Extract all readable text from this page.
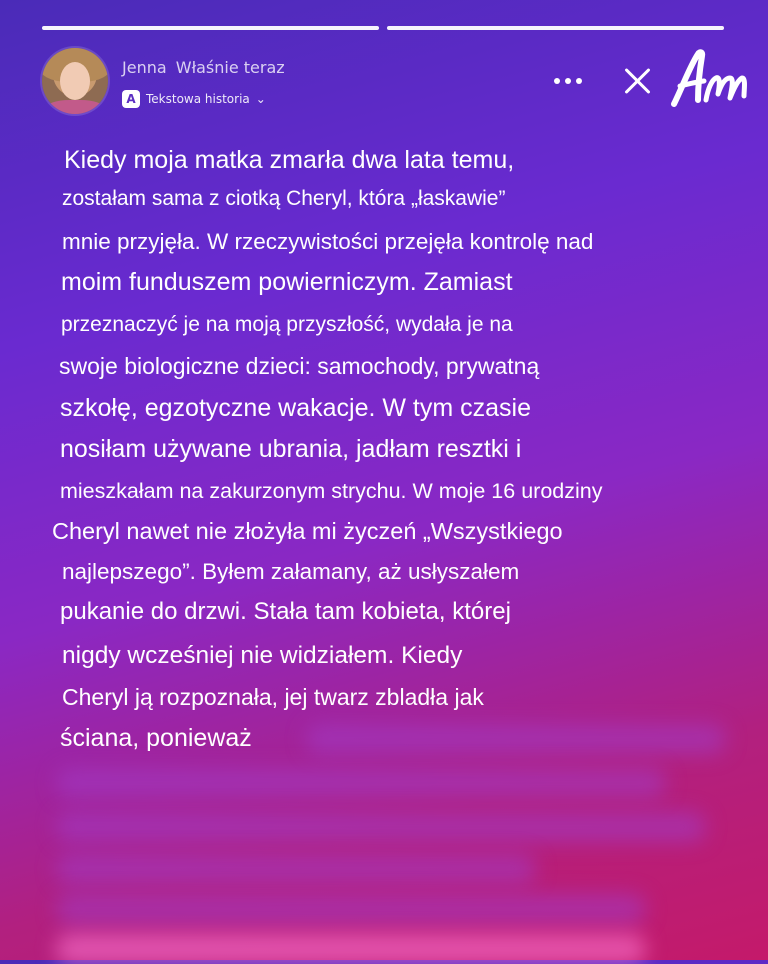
Jenna Właśnie teraz
A Tekstowa historia ⌄
Kiedy moja matka zmarła dwa lata temu,
zostałam sama z ciotką Cheryl, która „łaskawie”
mnie przyjęła. W rzeczywistości przejęła kontrolę nad
moim funduszem powierniczym. Zamiast
przeznaczyć je na moją przyszłość, wydała je na
swoje biologiczne dzieci: samochody, prywatną
szkołę, egzotyczne wakacje. W tym czasie
nosiłam używane ubrania, jadłam resztki i
mieszkałam na zakurzonym strychu. W moje 16 urodziny
Cheryl nawet nie złożyła mi życzeń „Wszystkiego
najlepszego”. Byłem załamany, aż usłyszałem
pukanie do drzwi. Stała tam kobieta, której
nigdy wcześniej nie widziałem. Kiedy
Cheryl ją rozpoznała, jej twarz zbladła jak
ściana, ponieważ
